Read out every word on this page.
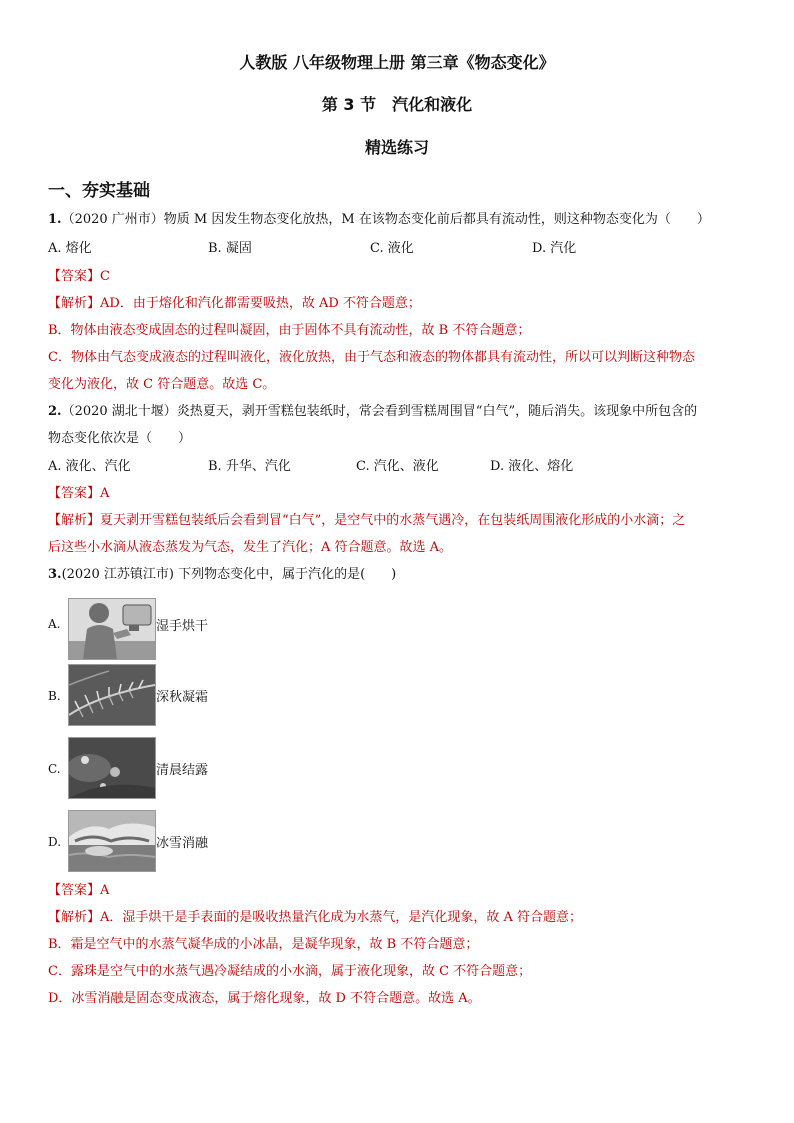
人教版 八年级物理上册 第三章《物态变化》
第 3 节　汽化和液化
精选练习
一、夯实基础
1.（2020 广州市）物质 M 因发生物态变化放热，M 在该物态变化前后都具有流动性，则这种物态变化为（　　）
A. 熔化	B. 凝固	C. 液化	D. 汽化
【答案】C
【解析】AD．由于熔化和汽化都需要吸热，故 AD 不符合题意；
B．物体由液态变成固态的过程叫凝固，由于固体不具有流动性，故 B 不符合题意；
C．物体由气态变成液态的过程叫液化，液化放热，由于气态和液态的物体都具有流动性，所以可以判断这种物态
变化为液化，故 C 符合题意。故选 C。
2.（2020 湖北十堰）炎热夏天，剥开雪糕包装纸时，常会看到雪糕周围冒“白气”，随后消失。该现象中所包含的
物态变化依次是（　　）
A. 液化、汽化	B. 升华、汽化	C. 汽化、液化	D. 液化、熔化
【答案】A
【解析】夏天剥开雪糕包装纸后会看到冒“白气”，是空气中的水蒸气遇冷，在包装纸周围液化形成的小水滴；之
后这些小水滴从液态蒸发为气态，发生了汽化；A 符合题意。故选 A。
3.(2020 江苏镇江市) 下列物态变化中，属于汽化的是(　　)
A.	湿手烘干
B.	深秋凝霜
C.	清晨结露
D.	冰雪消融
【答案】A
【解析】A．湿手烘干是手表面的是吸收热量汽化成为水蒸气，是汽化现象，故 A 符合题意；
B．霜是空气中的水蒸气凝华成的小冰晶，是凝华现象，故 B 不符合题意；
C．露珠是空气中的水蒸气遇冷凝结成的小水滴，属于液化现象，故 C 不符合题意；
D．冰雪消融是固态变成液态，属于熔化现象，故 D 不符合题意。故选 A。
